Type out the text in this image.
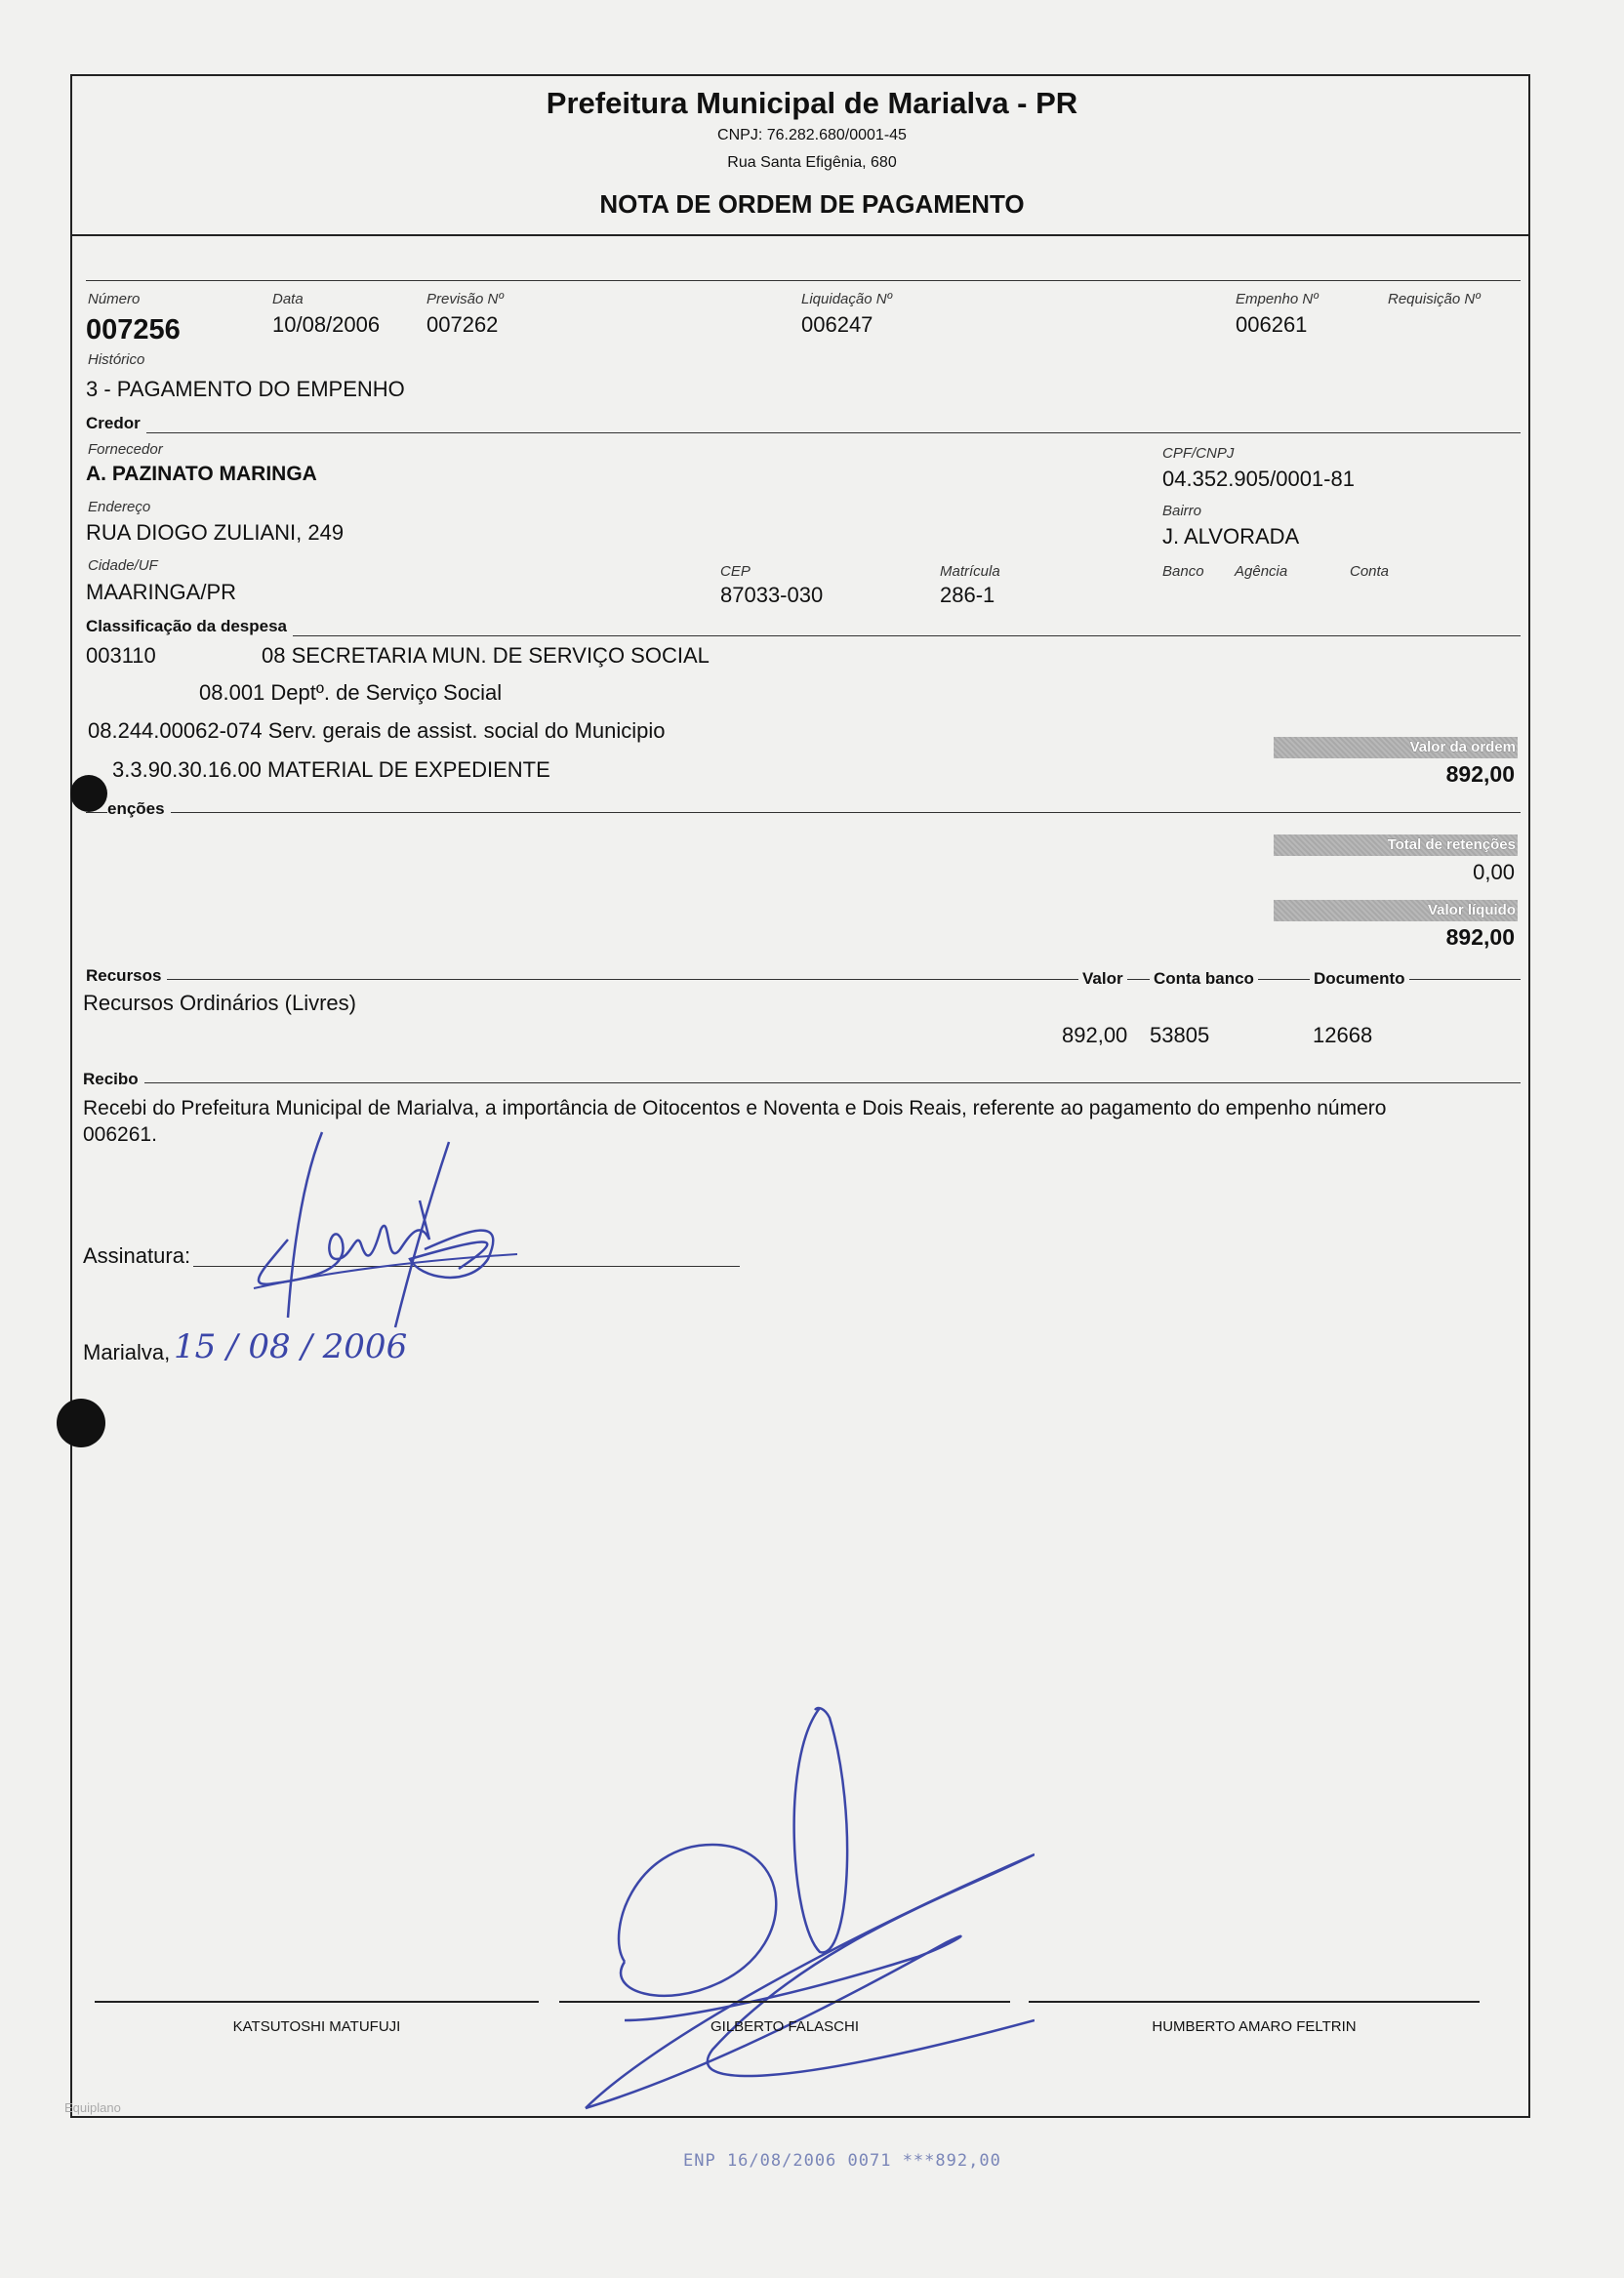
Prefeitura Municipal de Marialva - PR
CNPJ: 76.282.680/0001-45
Rua Santa Efigênia, 680
NOTA DE ORDEM DE PAGAMENTO
Número
007256
Data
10/08/2006
Previsão Nº
007262
Liquidação Nº
006247
Empenho Nº
006261
Requisição Nº
Histórico
3 - PAGAMENTO DO EMPENHO
Credor
Fornecedor
A. PAZINATO MARINGA
CPF/CNPJ
04.352.905/0001-81
Endereço
RUA DIOGO ZULIANI, 249
Bairro
J. ALVORADA
Cidade/UF
MAARINGA/PR
CEP
87033-030
Matrícula
286-1
Banco Agência	Conta
Classificação da despesa
003110	08 SECRETARIA MUN. DE SERVIÇO SOCIAL
08.001 Deptº. de Serviço Social
08.244.00062-074 Serv. gerais de assist. social do Municipio
3.3.90.30.16.00 MATERIAL DE EXPEDIENTE
Valor da ordem
892,00
enções
Total de retenções
0,00
Valor líquido
892,00
Recursos	Valor Conta banco	Documento
Recursos Ordinários (Livres)
892,00 53805	12668
Recibo
Recebi do Prefeitura Municipal de Marialva, a importância de Oitocentos e Noventa e Dois Reais, referente ao pagamento do empenho número
006261.
Assinatura:
Marialva, 15 / 08 / 2006
KATSUTOSHI MATUFUJI	GILBERTO FALASCHI	HUMBERTO AMARO FELTRIN
Equiplano
ENP 16/08/2006 0071 ***892,00
